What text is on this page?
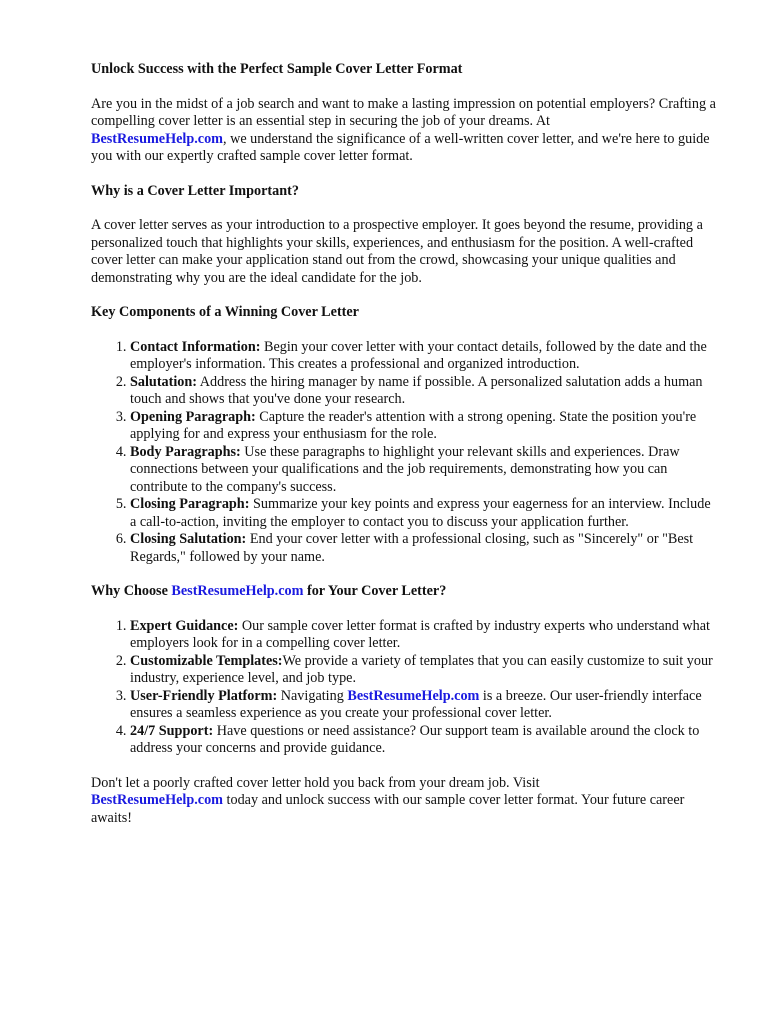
Unlock Success with the Perfect Sample Cover Letter Format

Are you in the midst of a job search and want to make a lasting impression on potential employers? Crafting a compelling cover letter is an essential step in securing the job of your dreams. At
BestResumeHelp.com, we understand the significance of a well-written cover letter, and we're here to guide you with our expertly crafted sample cover letter format.

Why is a Cover Letter Important?

A cover letter serves as your introduction to a prospective employer. It goes beyond the resume, providing a personalized touch that highlights your skills, experiences, and enthusiasm for the position. A well-crafted cover letter can make your application stand out from the crowd, showcasing your unique qualities and demonstrating why you are the ideal candidate for the job.

Key Components of a Winning Cover Letter
1. Contact Information: Begin your cover letter with your contact details, followed by the date and the employer's information. This creates a professional and organized introduction.
2. Salutation: Address the hiring manager by name if possible. A personalized salutation adds a human touch and shows that you've done your research.
3. Opening Paragraph: Capture the reader's attention with a strong opening. State the position you're applying for and express your enthusiasm for the role.
4. Body Paragraphs: Use these paragraphs to highlight your relevant skills and experiences. Draw connections between your qualifications and the job requirements, demonstrating how you can contribute to the company's success.
5. Closing Paragraph: Summarize your key points and express your eagerness for an interview. Include a call-to-action, inviting the employer to contact you to discuss your application further.
6. Closing Salutation: End your cover letter with a professional closing, such as "Sincerely" or "Best Regards," followed by your name.
Why Choose BestResumeHelp.com for Your Cover Letter?
1. Expert Guidance: Our sample cover letter format is crafted by industry experts who understand what employers look for in a compelling cover letter.
2. Customizable Templates:We provide a variety of templates that you can easily customize to suit your industry, experience level, and job type.
3. User-Friendly Platform: Navigating BestResumeHelp.com is a breeze. Our user-friendly interface ensures a seamless experience as you create your professional cover letter.
4. 24/7 Support: Have questions or need assistance? Our support team is available around the clock to address your concerns and provide guidance.

Don't let a poorly crafted cover letter hold you back from your dream job. Visit
BestResumeHelp.com today and unlock success with our sample cover letter format. Your future career awaits!
